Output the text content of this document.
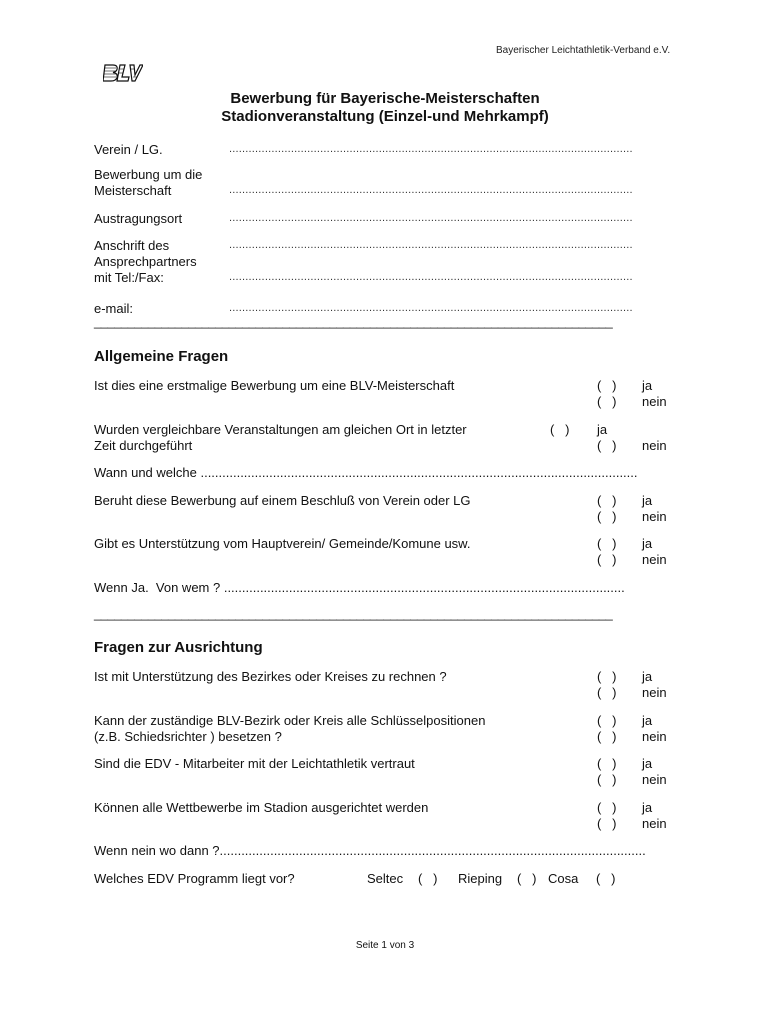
Bayerischer Leichtathletik-Verband e.V.
Bewerbung für Bayerische-Meisterschaften
Stadionveranstaltung (Einzel-und Mehrkampf)
Verein / LG.	............................................................................................................................
Bewerbung um die
Meisterschaft	............................................................................................................................
Austragungsort	............................................................................................................................
Anschrift des	............................................................................................................................
Ansprechpartners
mit Tel:/Fax:	............................................................................................................................
e-mail:	............................................................................................................................
_____________________________________________________________________________
Allgemeine Fragen
Ist dies eine erstmalige Bewerbung um eine BLV-Meisterschaft	(   ) ja
(   ) nein
Wurden vergleichbare Veranstaltungen am gleichen Ort in letzter
Zeit durchgeführt
(   ) ja
(   ) nein
Wann und welche .........................................................................................................................
Beruht diese Bewerbung auf einem Beschluß von Verein oder LG	(   ) ja
(   ) nein
Gibt es Unterstützung vom Hauptverein/ Gemeinde/Komune usw.	(   ) ja
(   ) nein
Wenn Ja.  Von wem ? ...............................................................................................................
_____________________________________________________________________________
Fragen zur Ausrichtung
Ist mit Unterstützung des Bezirkes oder Kreises zu rechnen ?	(   ) ja
(   ) nein
Kann der zuständige BLV-Bezirk oder Kreis alle Schlüsselpositionen
(z.B. Schiedsrichter ) besetzen ?
(   ) ja
(   ) nein
Sind die EDV - Mitarbeiter mit der Leichtathletik vertraut	(   ) ja
(   ) nein
Können alle Wettbewerbe im Stadion ausgerichtet werden	(   ) ja
(   ) nein
Wenn nein wo dann ?......................................................................................................................
Welches EDV Programm liegt vor?	Seltec (   ) Rieping (   ) Cosa (   )
Seite 1 von 3
